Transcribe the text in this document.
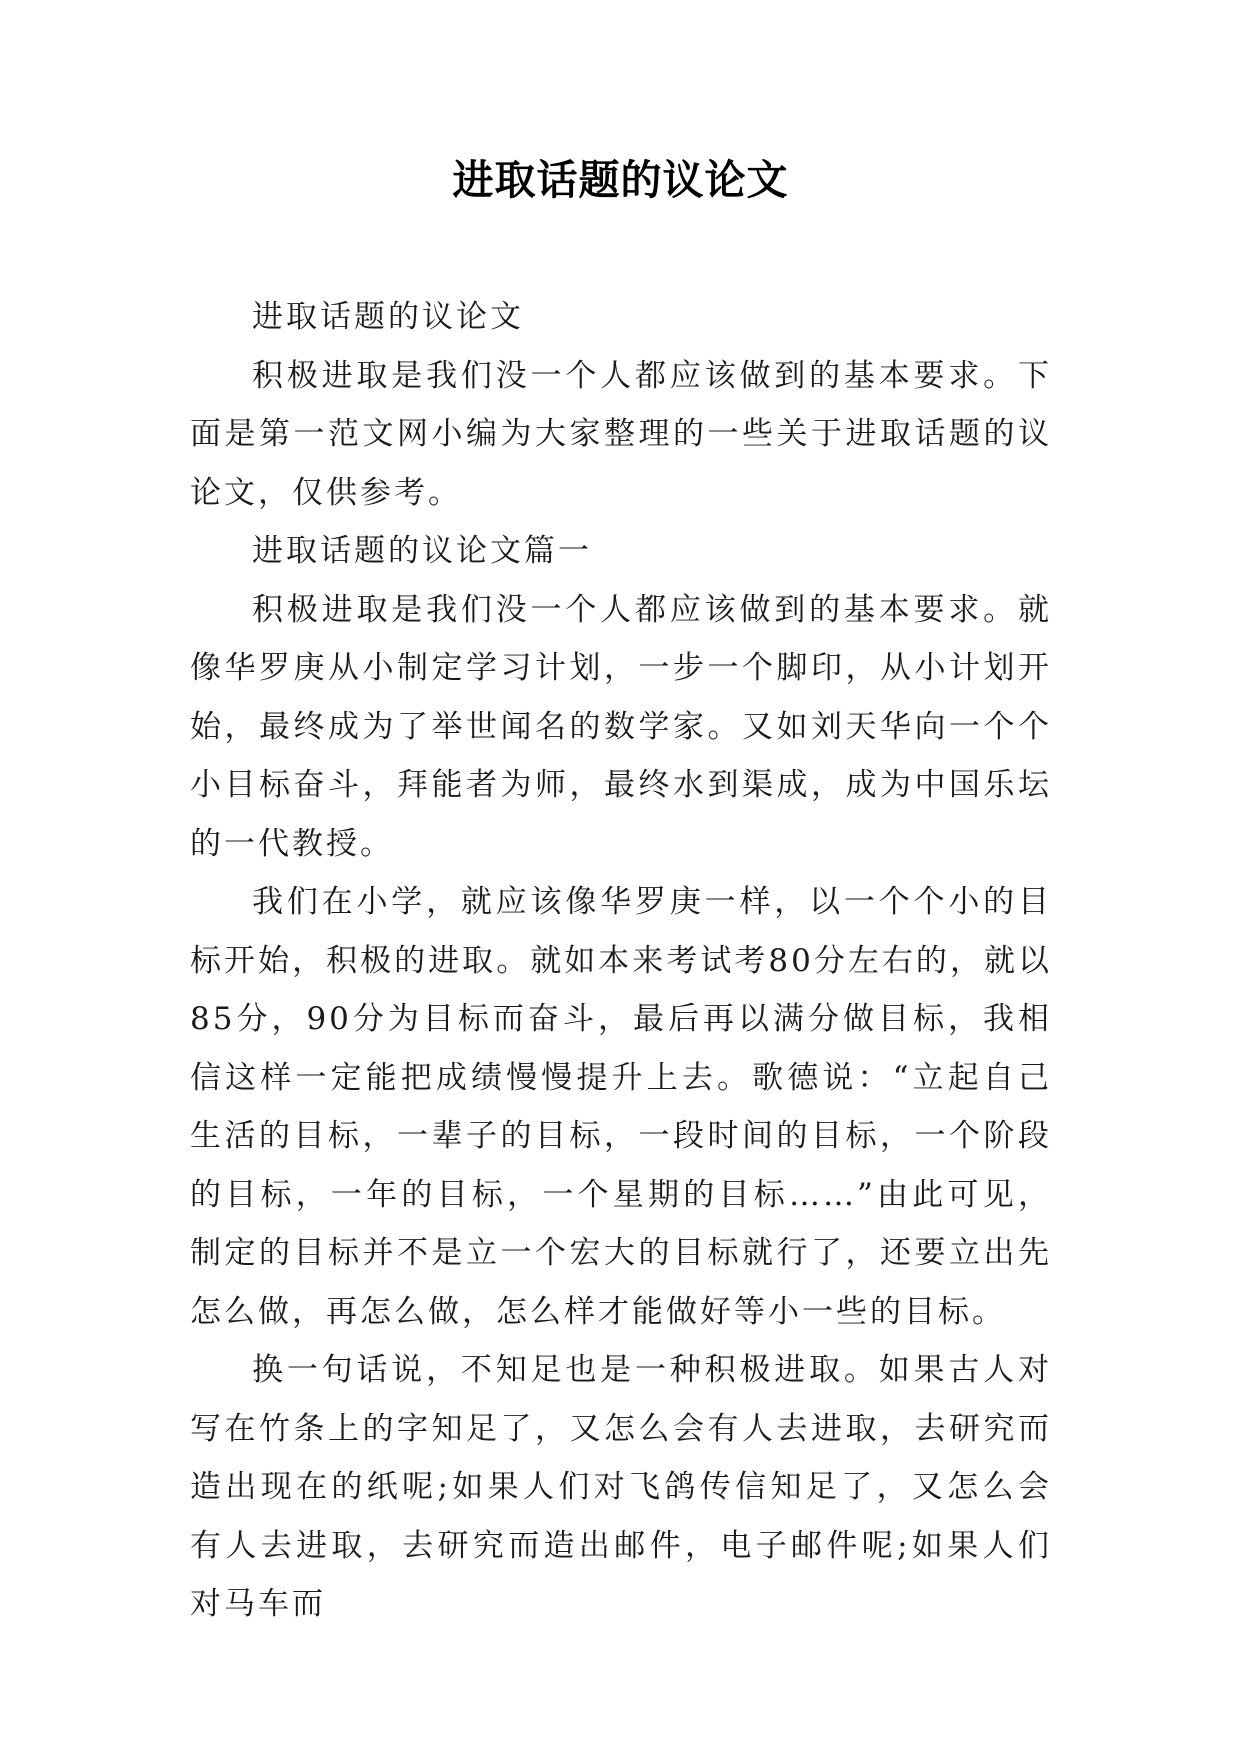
进取话题的议论文

进取话题的议论文

积极进取是我们没一个人都应该做到的基本要求。下面是第一范文网小编为大家整理的一些关于进取话题的议论文，仅供参考。

进取话题的议论文篇一

积极进取是我们没一个人都应该做到的基本要求。就像华罗庚从小制定学习计划，一步一个脚印，从小计划开始，最终成为了举世闻名的数学家。又如刘天华向一个个小目标奋斗，拜能者为师，最终水到渠成，成为中国乐坛的一代教授。

我们在小学，就应该像华罗庚一样，以一个个小的目标开始，积极的进取。就如本来考试考80分左右的，就以85分，90分为目标而奋斗，最后再以满分做目标，我相信这样一定能把成绩慢慢提升上去。歌德说：“立起自己生活的目标，一辈子的目标，一段时间的目标，一个阶段的目标，一年的目标，一个星期的目标……”由此可见，制定的目标并不是立一个宏大的目标就行了，还要立出先怎么做，再怎么做，怎么样才能做好等小一些的目标。

换一句话说，不知足也是一种积极进取。如果古人对写在竹条上的字知足了，又怎么会有人去进取，去研究而造出现在的纸呢;如果人们对飞鸽传信知足了，又怎么会有人去进取，去研究而造出邮件，电子邮件呢;如果人们对马车而
